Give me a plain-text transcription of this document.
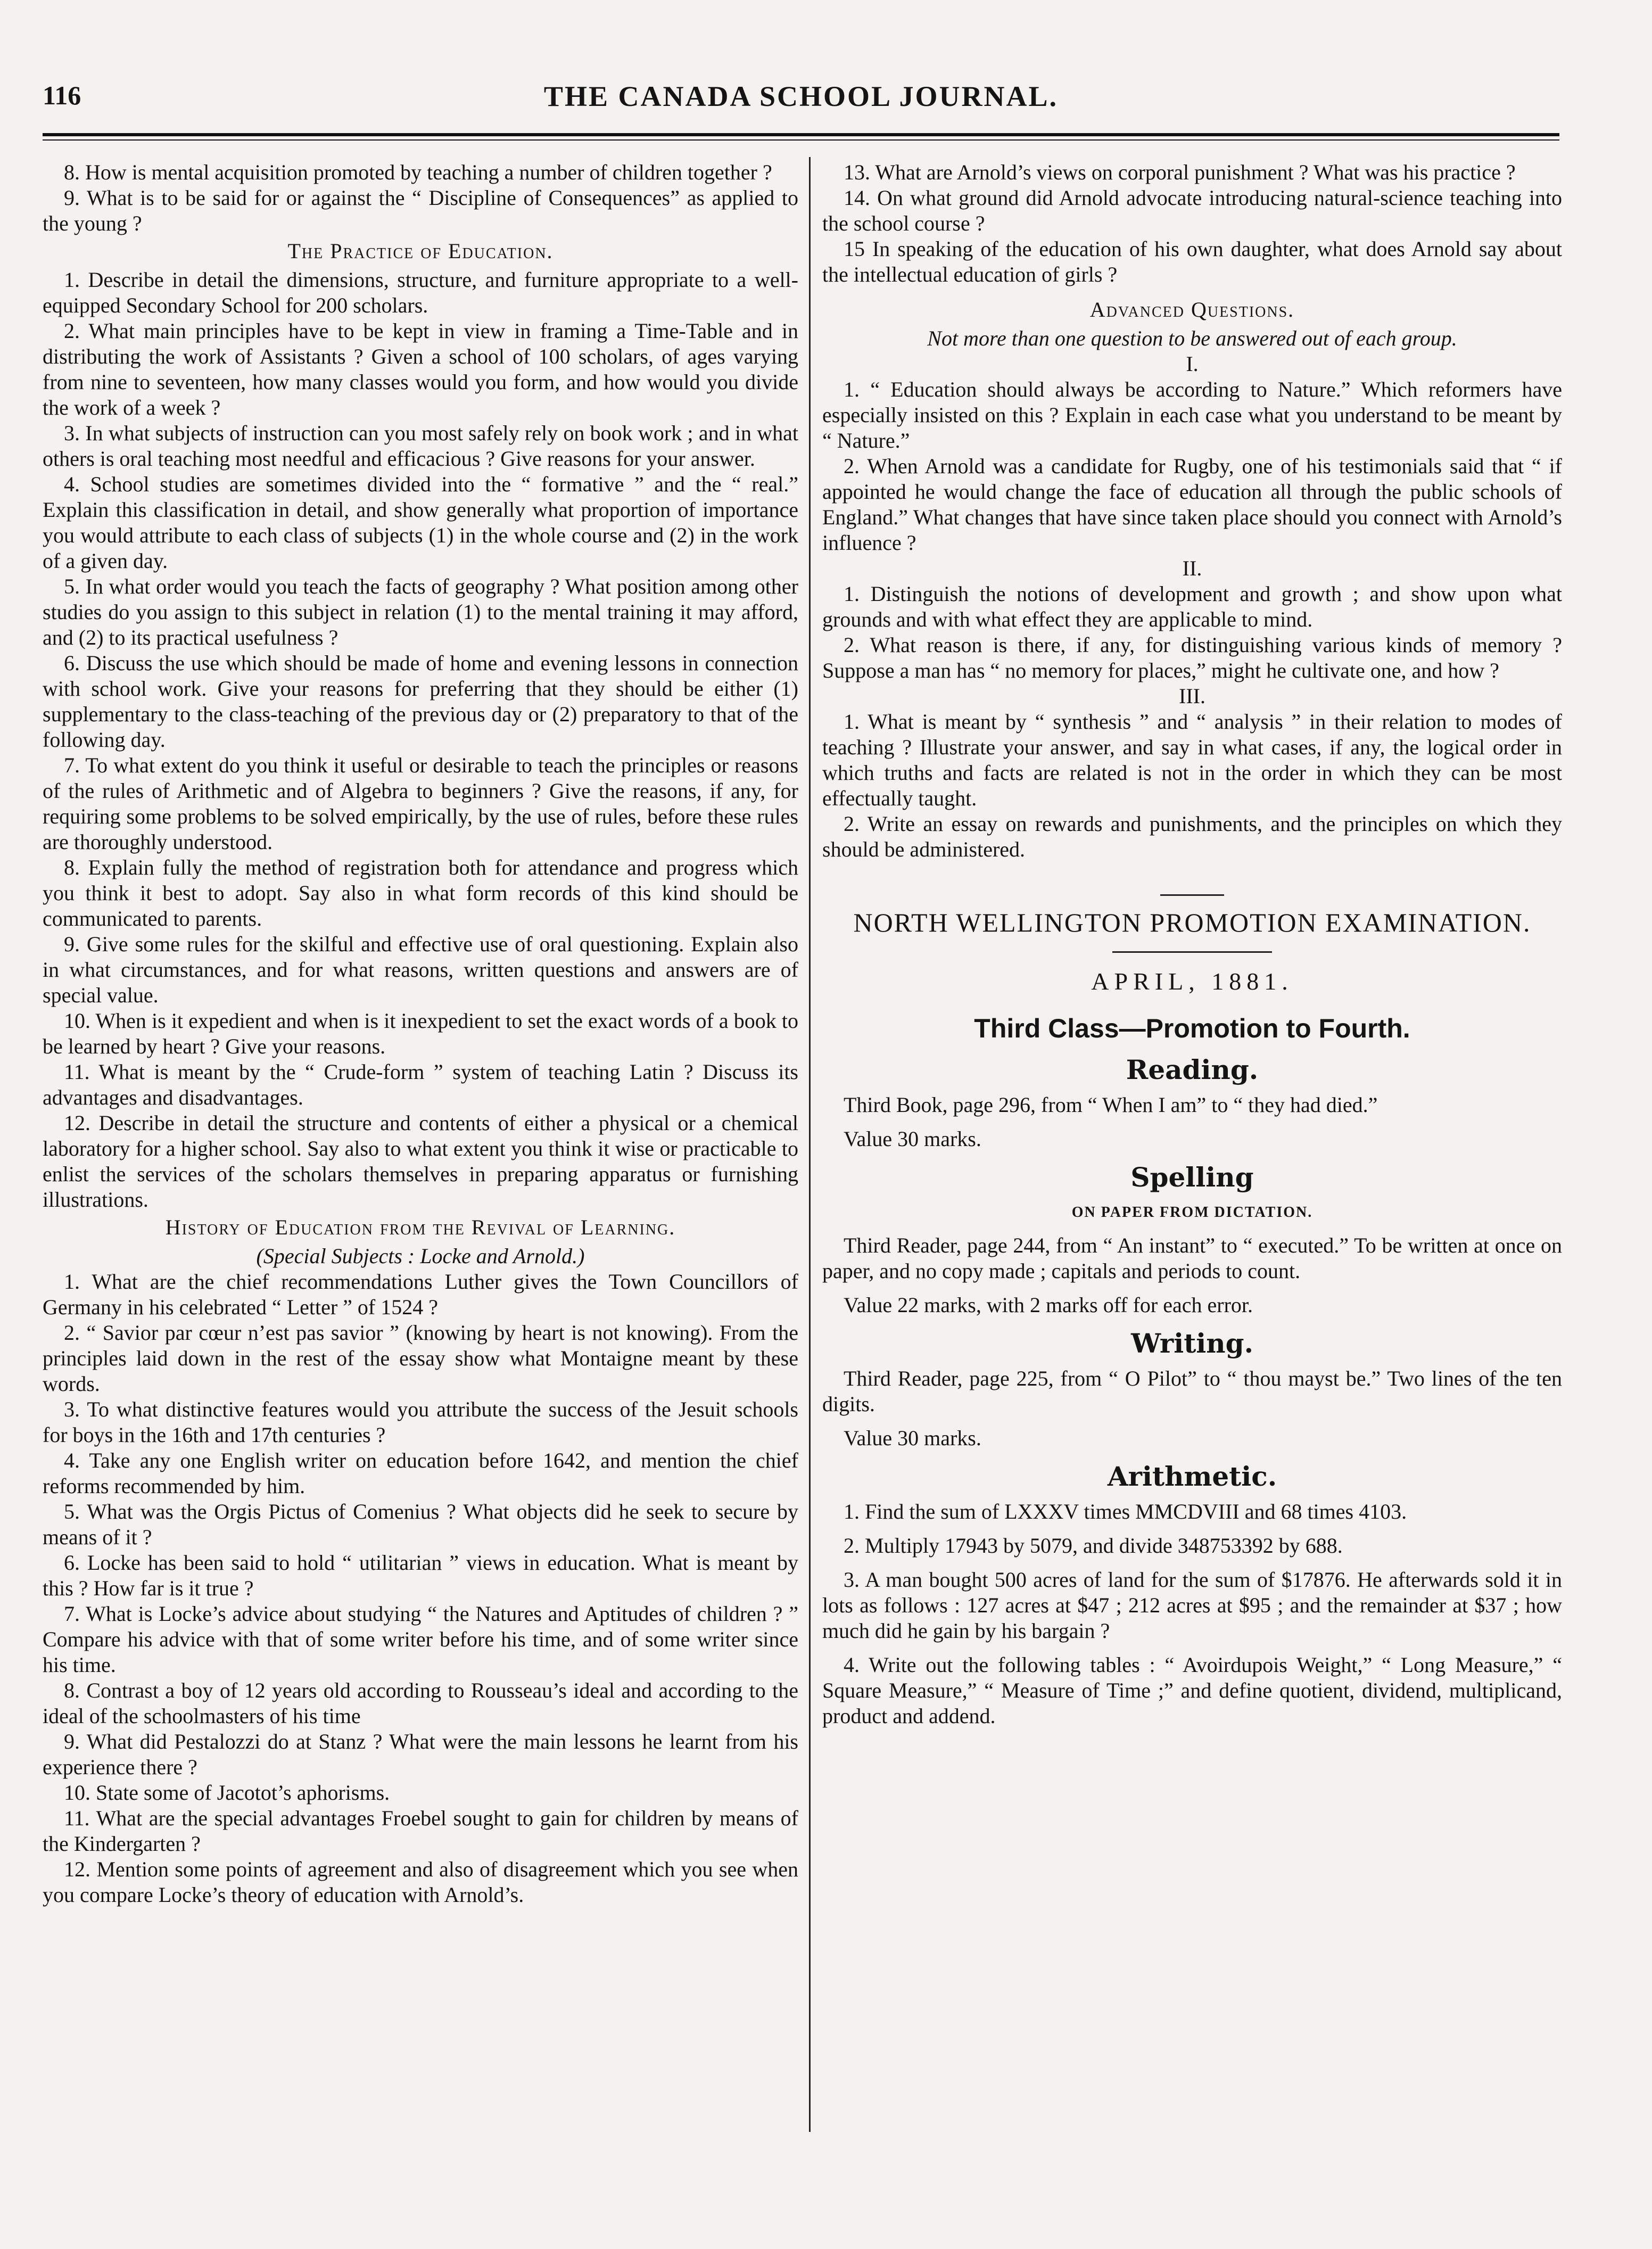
116	THE CANADA SCHOOL JOURNAL.

8. How is mental acquisition promoted by teaching a number of children together ?

9. What is to be said for or against the “ Discipline of Consequences” as applied to the young ?

The Practice of Education.

1. Describe in detail the dimensions, structure, and furniture appropriate to a well-equipped Secondary School for 200 scholars.

2. What main principles have to be kept in view in framing a Time-Table and in distributing the work of Assistants ? Given a school of 100 scholars, of ages varying from nine to seventeen, how many classes would you form, and how would you divide the work of a week ?

3. In what subjects of instruction can you most safely rely on book work ; and in what others is oral teaching most needful and efficacious ? Give reasons for your answer.

4. School studies are sometimes divided into the “ formative ” and the “ real.” Explain this classification in detail, and show generally what proportion of importance you would attribute to each class of subjects (1) in the whole course and (2) in the work of a given day.

5. In what order would you teach the facts of geography ? What position among other studies do you assign to this subject in relation (1) to the mental training it may afford, and (2) to its practical usefulness ?

6. Discuss the use which should be made of home and evening lessons in connection with school work. Give your reasons for preferring that they should be either (1) supplementary to the class-teaching of the previous day or (2) preparatory to that of the following day.

7. To what extent do you think it useful or desirable to teach the principles or reasons of the rules of Arithmetic and of Algebra to beginners ? Give the reasons, if any, for requiring some problems to be solved empirically, by the use of rules, before these rules are thoroughly understood.

8. Explain fully the method of registration both for attendance and progress which you think it best to adopt. Say also in what form records of this kind should be communicated to parents.

9. Give some rules for the skilful and effective use of oral questioning. Explain also in what circumstances, and for what reasons, written questions and answers are of special value.

10. When is it expedient and when is it inexpedient to set the exact words of a book to be learned by heart ? Give your reasons.

11. What is meant by the “ Crude-form ” system of teaching Latin ? Discuss its advantages and disadvantages.

12. Describe in detail the structure and contents of either a physical or a chemical laboratory for a higher school. Say also to what extent you think it wise or practicable to enlist the services of the scholars themselves in preparing apparatus or furnishing illustrations.

History of Education from the Revival of Learning.

(Special Subjects : Locke and Arnold.)

1. What are the chief recommendations Luther gives the Town Councillors of Germany in his celebrated “ Letter ” of 1524 ?

2. “ Savior par cœur n’est pas savior ” (knowing by heart is not knowing). From the principles laid down in the rest of the essay show what Montaigne meant by these words.

3. To what distinctive features would you attribute the success of the Jesuit schools for boys in the 16th and 17th centuries ?

4. Take any one English writer on education before 1642, and mention the chief reforms recommended by him.

5. What was the Orgis Pictus of Comenius ? What objects did he seek to secure by means of it ?

6. Locke has been said to hold “ utilitarian ” views in education. What is meant by this ? How far is it true ?

7. What is Locke’s advice about studying “ the Natures and Aptitudes of children ? ” Compare his advice with that of some writer before his time, and of some writer since his time.

8. Contrast a boy of 12 years old according to Rousseau’s ideal and according to the ideal of the schoolmasters of his time

9. What did Pestalozzi do at Stanz ? What were the main lessons he learnt from his experience there ?

10. State some of Jacotot’s aphorisms.

11. What are the special advantages Froebel sought to gain for children by means of the Kindergarten ?

12. Mention some points of agreement and also of disagreement which you see when you compare Locke’s theory of education with Arnold’s.

13. What are Arnold’s views on corporal punishment ? What was his practice ?

14. On what ground did Arnold advocate introducing natural-science teaching into the school course ?

15 In speaking of the education of his own daughter, what does Arnold say about the intellectual education of girls ?

Advanced Questions.

Not more than one question to be answered out of each group.

I.

1. “ Education should always be according to Nature.” Which reformers have especially insisted on this ? Explain in each case what you understand to be meant by “ Nature.”

2. When Arnold was a candidate for Rugby, one of his testimonials said that “ if appointed he would change the face of education all through the public schools of England.” What changes that have since taken place should you connect with Arnold’s influence ?

II.

1. Distinguish the notions of development and growth ; and show upon what grounds and with what effect they are applicable to mind.

2. What reason is there, if any, for distinguishing various kinds of memory ? Suppose a man has “ no memory for places,” might he cultivate one, and how ?

III.

1. What is meant by “ synthesis ” and “ analysis ” in their relation to modes of teaching ? Illustrate your answer, and say in what cases, if any, the logical order in which truths and facts are related is not in the order in which they can be most effectually taught.

2. Write an essay on rewards and punishments, and the principles on which they should be administered.

NORTH WELLINGTON PROMOTION EXAMINATION.

APRIL, 1881.

Third Class—Promotion to Fourth.

Reading.

Third Book, page 296, from “ When I am” to “ they had died.”

Value 30 marks.

Spelling

ON PAPER FROM DICTATION.

Third Reader, page 244, from “ An instant” to “ executed.” To be written at once on paper, and no copy made ; capitals and periods to count.

Value 22 marks, with 2 marks off for each error.

Writing.

Third Reader, page 225, from “ O Pilot” to “ thou mayst be.” Two lines of the ten digits.

Value 30 marks.

Arithmetic.

1. Find the sum of LXXXV times MMCDVIII and 68 times 4103.

2. Multiply 17943 by 5079, and divide 348753392 by 688.

3. A man bought 500 acres of land for the sum of $17876. He afterwards sold it in lots as follows : 127 acres at $47 ; 212 acres at $95 ; and the remainder at $37 ; how much did he gain by his bargain ?

4. Write out the following tables : “ Avoirdupois Weight,” “ Long Measure,” “ Square Measure,” “ Measure of Time ;” and define quotient, dividend, multiplicand, product and addend.
